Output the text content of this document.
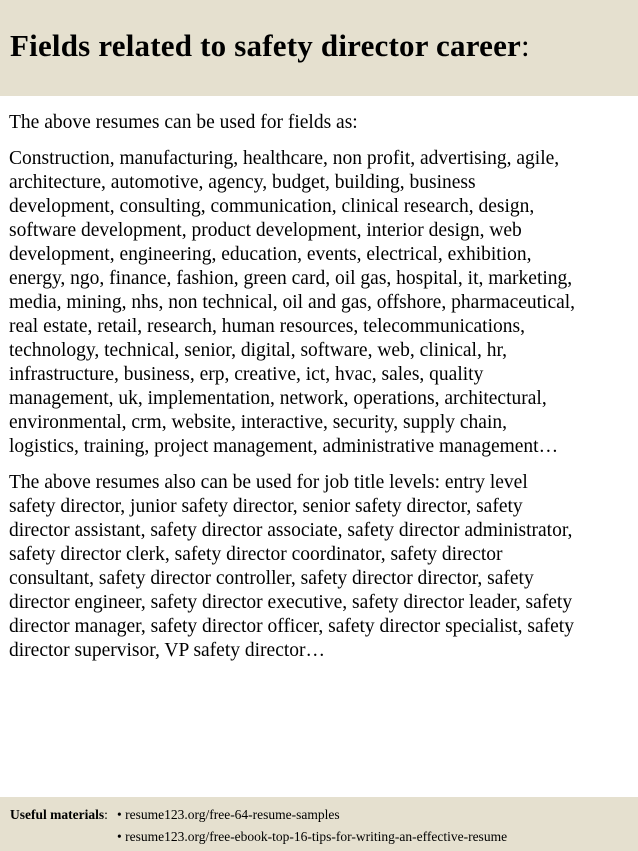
Fields related to safety director career:
The above resumes can be used for fields as:
Construction, manufacturing, healthcare, non profit, advertising, agile,
architecture, automotive, agency, budget, building, business
development, consulting, communication, clinical research, design,
software development, product development, interior design, web
development, engineering, education, events, electrical, exhibition,
energy, ngo, finance, fashion, green card, oil gas, hospital, it, marketing,
media, mining, nhs, non technical, oil and gas, offshore, pharmaceutical,
real estate, retail, research, human resources, telecommunications,
technology, technical, senior, digital, software, web, clinical, hr,
infrastructure, business, erp, creative, ict, hvac, sales, quality
management, uk, implementation, network, operations, architectural,
environmental, crm, website, interactive, security, supply chain,
logistics, training, project management, administrative management…
The above resumes also can be used for job title levels: entry level
safety director, junior safety director, senior safety director, safety
director assistant, safety director associate, safety director administrator,
safety director clerk, safety director coordinator, safety director
consultant, safety director controller, safety director director, safety
director engineer, safety director executive, safety director leader, safety
director manager, safety director officer, safety director specialist, safety
director supervisor, VP safety director…
Useful materials: • resume123.org/free-64-resume-samples
• resume123.org/free-ebook-top-16-tips-for-writing-an-effective-resume
